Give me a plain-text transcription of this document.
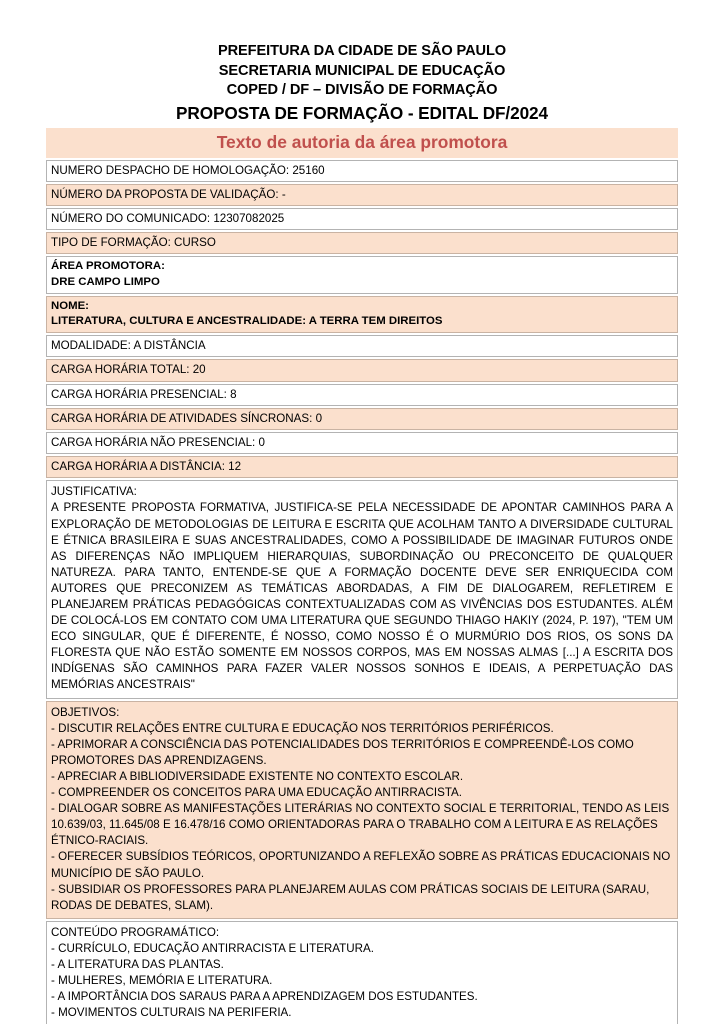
PREFEITURA DA CIDADE DE SÃO PAULO
SECRETARIA MUNICIPAL DE EDUCAÇÃO
COPED / DF – DIVISÃO DE FORMAÇÃO
PROPOSTA DE FORMAÇÃO - EDITAL DF/2024
Texto de autoria da área promotora
NUMERO DESPACHO DE HOMOLOGAÇÃO: 25160
NÚMERO DA PROPOSTA DE VALIDAÇÃO: -
NÚMERO DO COMUNICADO: 12307082025
TIPO DE FORMAÇÃO: CURSO
ÁREA PROMOTORA:
DRE CAMPO LIMPO
NOME:
LITERATURA, CULTURA E ANCESTRALIDADE: A TERRA TEM DIREITOS
MODALIDADE: A DISTÂNCIA
CARGA HORÁRIA TOTAL: 20
CARGA HORÁRIA PRESENCIAL: 8
CARGA HORÁRIA DE ATIVIDADES SÍNCRONAS: 0
CARGA HORÁRIA NÃO PRESENCIAL: 0
CARGA HORÁRIA A DISTÂNCIA: 12
JUSTIFICATIVA:
A PRESENTE PROPOSTA FORMATIVA, JUSTIFICA-SE PELA NECESSIDADE DE APONTAR CAMINHOS PARA A EXPLORAÇÃO DE METODOLOGIAS DE LEITURA E ESCRITA QUE ACOLHAM TANTO A DIVERSIDADE CULTURAL E ÉTNICA BRASILEIRA E SUAS ANCESTRALIDADES, COMO A POSSIBILIDADE DE IMAGINAR FUTUROS ONDE AS DIFERENÇAS NÃO IMPLIQUEM HIERARQUIAS, SUBORDINAÇÃO OU PRECONCEITO DE QUALQUER NATUREZA. PARA TANTO, ENTENDE-SE QUE A FORMAÇÃO DOCENTE DEVE SER ENRIQUECIDA COM AUTORES QUE PRECONIZEM AS TEMÁTICAS ABORDADAS, A FIM DE DIALOGAREM, REFLETIREM E PLANEJAREM PRÁTICAS PEDAGÓGICAS CONTEXTUALIZADAS COM AS VIVÊNCIAS DOS ESTUDANTES. ALÉM DE COLOCÁ-LOS EM CONTATO COM UMA LITERATURA QUE SEGUNDO THIAGO HAKIY (2024, P. 197), "TEM UM ECO SINGULAR, QUE É DIFERENTE, É NOSSO, COMO NOSSO É O MURMÚRIO DOS RIOS, OS SONS DA FLORESTA QUE NÃO ESTÃO SOMENTE EM NOSSOS CORPOS, MAS EM NOSSAS ALMAS [...] A ESCRITA DOS INDÍGENAS SÃO CAMINHOS PARA FAZER VALER NOSSOS SONHOS E IDEAIS, A PERPETUAÇÃO DAS MEMÓRIAS ANCESTRAIS"
OBJETIVOS:
- DISCUTIR RELAÇÕES ENTRE CULTURA E EDUCAÇÃO NOS TERRITÓRIOS PERIFÉRICOS.
- APRIMORAR A CONSCIÊNCIA DAS POTENCIALIDADES DOS TERRITÓRIOS E COMPREENDÊ-LOS COMO PROMOTORES DAS APRENDIZAGENS.
- APRECIAR A BIBLIODIVERSIDADE EXISTENTE NO CONTEXTO ESCOLAR.
- COMPREENDER OS CONCEITOS PARA UMA EDUCAÇÃO ANTIRRACISTA.
- DIALOGAR SOBRE AS MANIFESTAÇÕES LITERÁRIAS NO CONTEXTO SOCIAL E TERRITORIAL, TENDO AS LEIS 10.639/03, 11.645/08 E 16.478/16 COMO ORIENTADORAS PARA O TRABALHO COM A LEITURA E AS RELAÇÕES ÉTNICO-RACIAIS.
- OFERECER SUBSÍDIOS TEÓRICOS, OPORTUNIZANDO A REFLEXÃO SOBRE AS PRÁTICAS EDUCACIONAIS NO MUNICÍPIO DE SÃO PAULO.
- SUBSIDIAR OS PROFESSORES PARA PLANEJAREM AULAS COM PRÁTICAS SOCIAIS DE LEITURA (SARAU, RODAS DE DEBATES, SLAM).
CONTEÚDO PROGRAMÁTICO:
- CURRÍCULO, EDUCAÇÃO ANTIRRACISTA E LITERATURA.
- A LITERATURA DAS PLANTAS.
- MULHERES, MEMÓRIA E LITERATURA.
- A IMPORTÂNCIA DOS SARAUS PARA A APRENDIZAGEM DOS ESTUDANTES.
- MOVIMENTOS CULTURAIS NA PERIFERIA.
